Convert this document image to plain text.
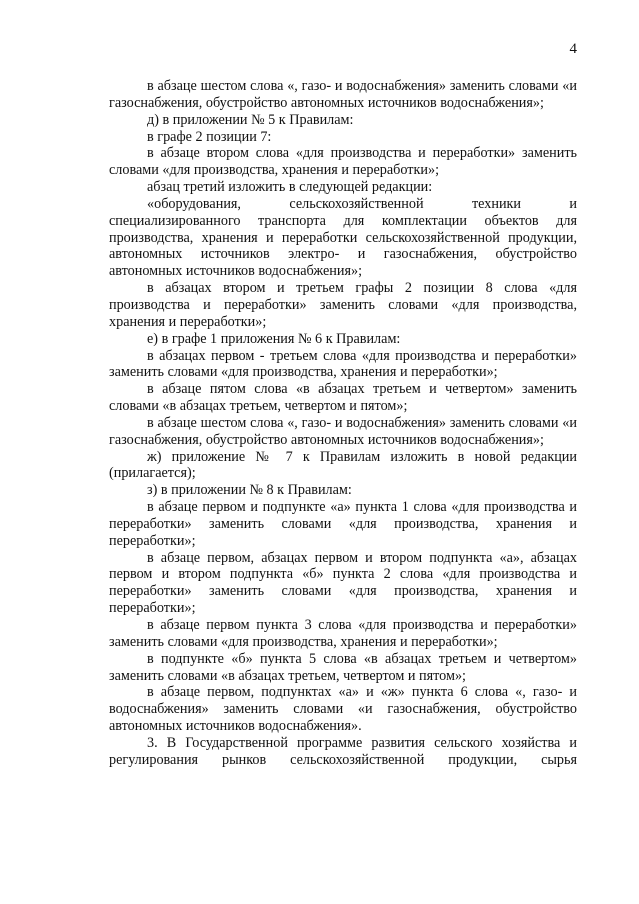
4

в абзаце шестом слова «, газо- и водоснабжения» заменить словами «и газоснабжения, обустройство автономных источников водоснабжения»;

д) в приложении № 5 к Правилам:

в графе 2 позиции 7:

в абзаце втором слова «для производства и переработки» заменить словами «для производства, хранения и переработки»;

абзац третий изложить в следующей редакции:

«оборудования, сельскохозяйственной техники и специализированного транспорта для комплектации объектов для производства, хранения и переработки сельскохозяйственной продукции, автономных источников электро- и газоснабжения, обустройство автономных источников водоснабжения»;

в абзацах втором и третьем графы 2 позиции 8 слова «для производства и переработки» заменить словами «для производства, хранения и переработки»;

е) в графе 1 приложения № 6 к Правилам:

в абзацах первом - третьем слова «для производства и переработки» заменить словами «для производства, хранения и переработки»;

в абзаце пятом слова «в абзацах третьем и четвертом» заменить словами «в абзацах третьем, четвертом и пятом»;

в абзаце шестом слова «, газо- и водоснабжения» заменить словами «и газоснабжения, обустройство автономных источников водоснабжения»;

ж) приложение № 7 к Правилам изложить в новой редакции (прилагается);

з) в приложении № 8 к Правилам:

в абзаце первом и подпункте «а» пункта 1 слова «для производства и переработки» заменить словами «для производства, хранения и переработки»;

в абзаце первом, абзацах первом и втором подпункта «а», абзацах первом и втором подпункта «б» пункта 2 слова «для производства и переработки» заменить словами «для производства, хранения и переработки»;

в абзаце первом пункта 3 слова «для производства и переработки» заменить словами «для производства, хранения и переработки»;

в подпункте «б» пункта 5 слова «в абзацах третьем и четвертом» заменить словами «в абзацах третьем, четвертом и пятом»;

в абзаце первом, подпунктах «а» и «ж» пункта 6 слова «, газо- и водоснабжения» заменить словами «и газоснабжения, обустройство автономных источников водоснабжения».

3. В Государственной программе развития сельского хозяйства и регулирования рынков сельскохозяйственной продукции, сырья
